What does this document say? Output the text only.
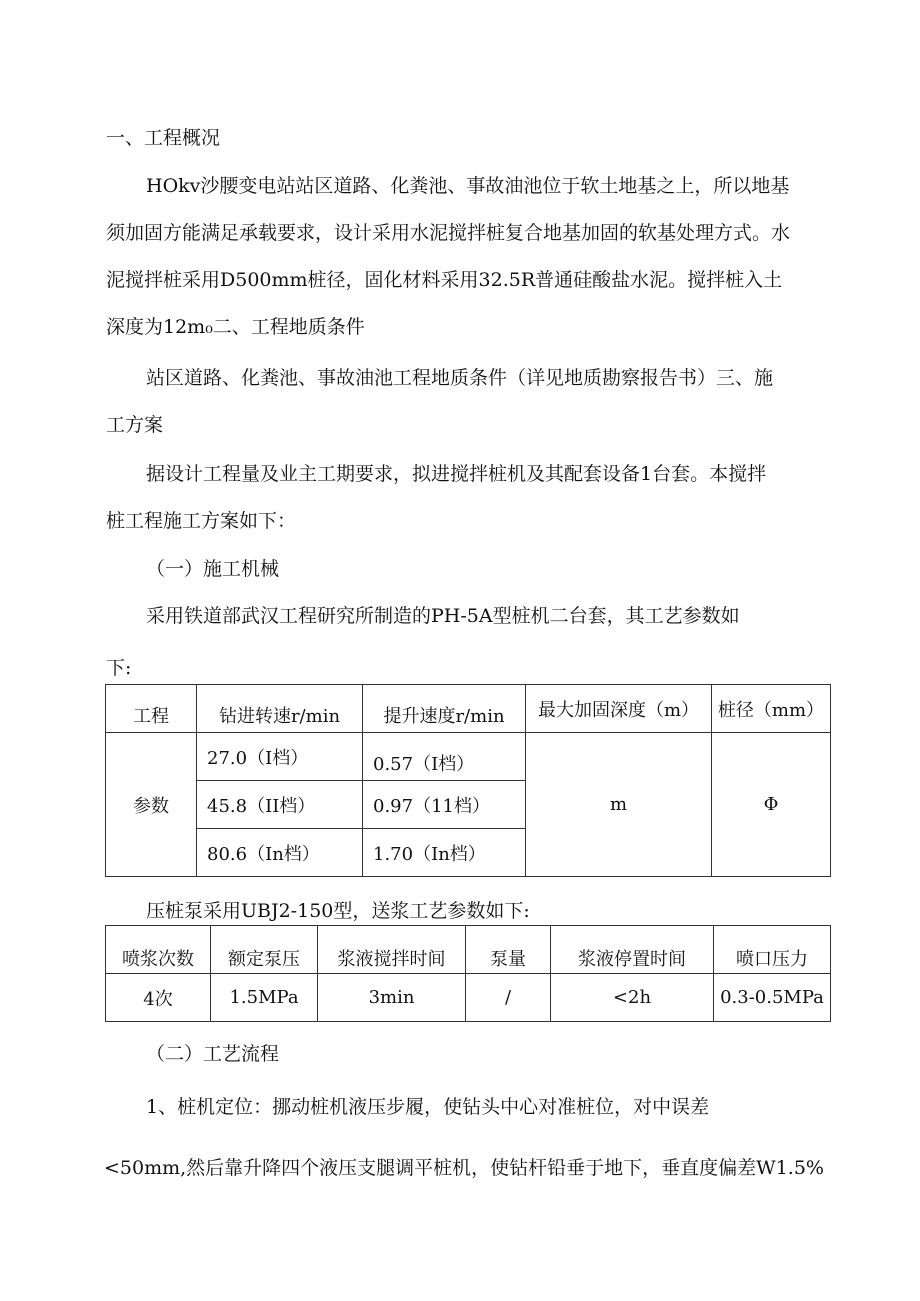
一、工程概况
HOkv沙腰变电站站区道路、化粪池、事故油池位于软土地基之上，所以地基
须加固方能满足承载要求，设计采用水泥搅拌桩复合地基加固的软基处理方式。水
泥搅拌桩采用D500mm桩径，固化材料采用32.5R普通硅酸盐水泥。搅拌桩入土
深度为12m₀二、工程地质条件
站区道路、化粪池、事故油池工程地质条件（详见地质勘察报告书）三、施
工方案
据设计工程量及业主工期要求，拟进搅拌桩机及其配套设备1台套。本搅拌
桩工程施工方案如下：
（一）施工机械
采用铁道部武汉工程研究所制造的PH-5A型桩机二台套，其工艺参数如
下:
工程	钻进转速r/min	提升速度r/min	最大加固深度（m）	桩径（mm）
参数	27.0（I档）	0.57（I档）	m	Φ
	45.8（II档）	0.97（11档）		
	80.6（In档）	1.70（In档）		
压桩泵采用UBJ2-150型，送浆工艺参数如下:
喷浆次数	额定泵压	浆液搅拌时间	泵量	浆液停置时间	喷口压力
4次	1.5MPa	3min	/	<2h	0.3-0.5MPa
（二）工艺流程
1、桩机定位：挪动桩机液压步履，使钻头中心对准桩位，对中误差
<50mm,然后靠升降四个液压支腿调平桩机，使钻杆铅垂于地下，垂直度偏差W1.5%
